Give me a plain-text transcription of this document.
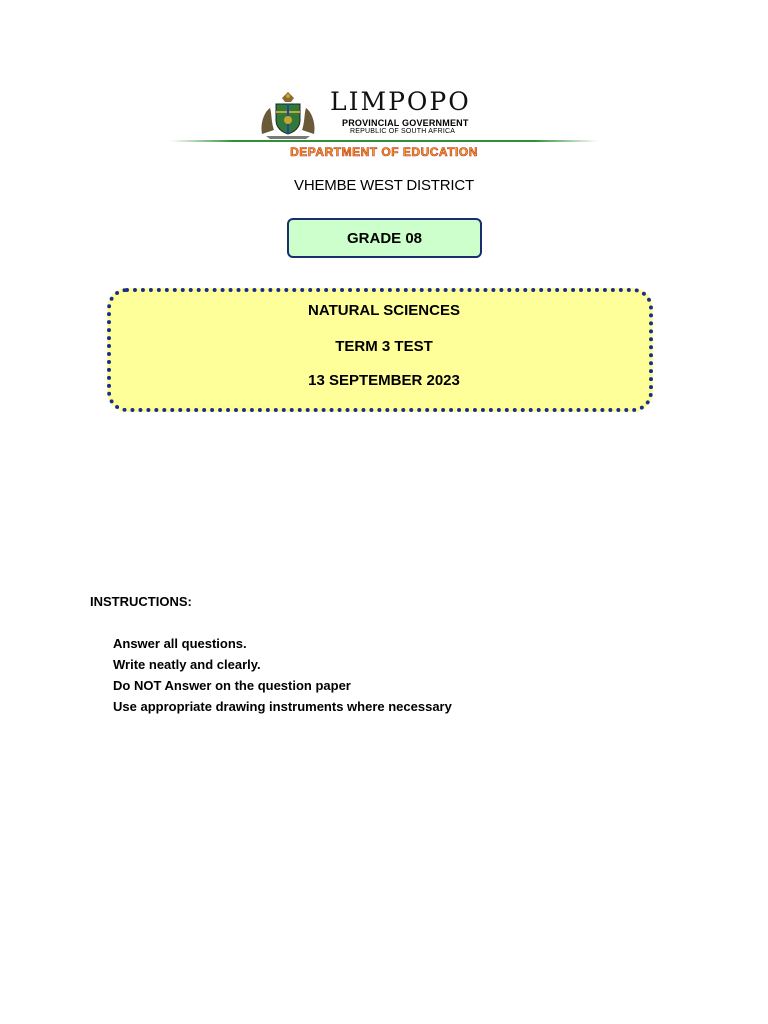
LIMPOPO
PROVINCIAL GOVERNMENT
REPUBLIC OF SOUTH AFRICA
DEPARTMENT OF EDUCATION
VHEMBE WEST DISTRICT
GRADE 08
NATURAL SCIENCES
TERM 3 TEST
13 SEPTEMBER 2023
INSTRUCTIONS:
Answer all questions.
Write neatly and clearly.
Do NOT Answer on the question paper
Use appropriate drawing instruments where necessary
